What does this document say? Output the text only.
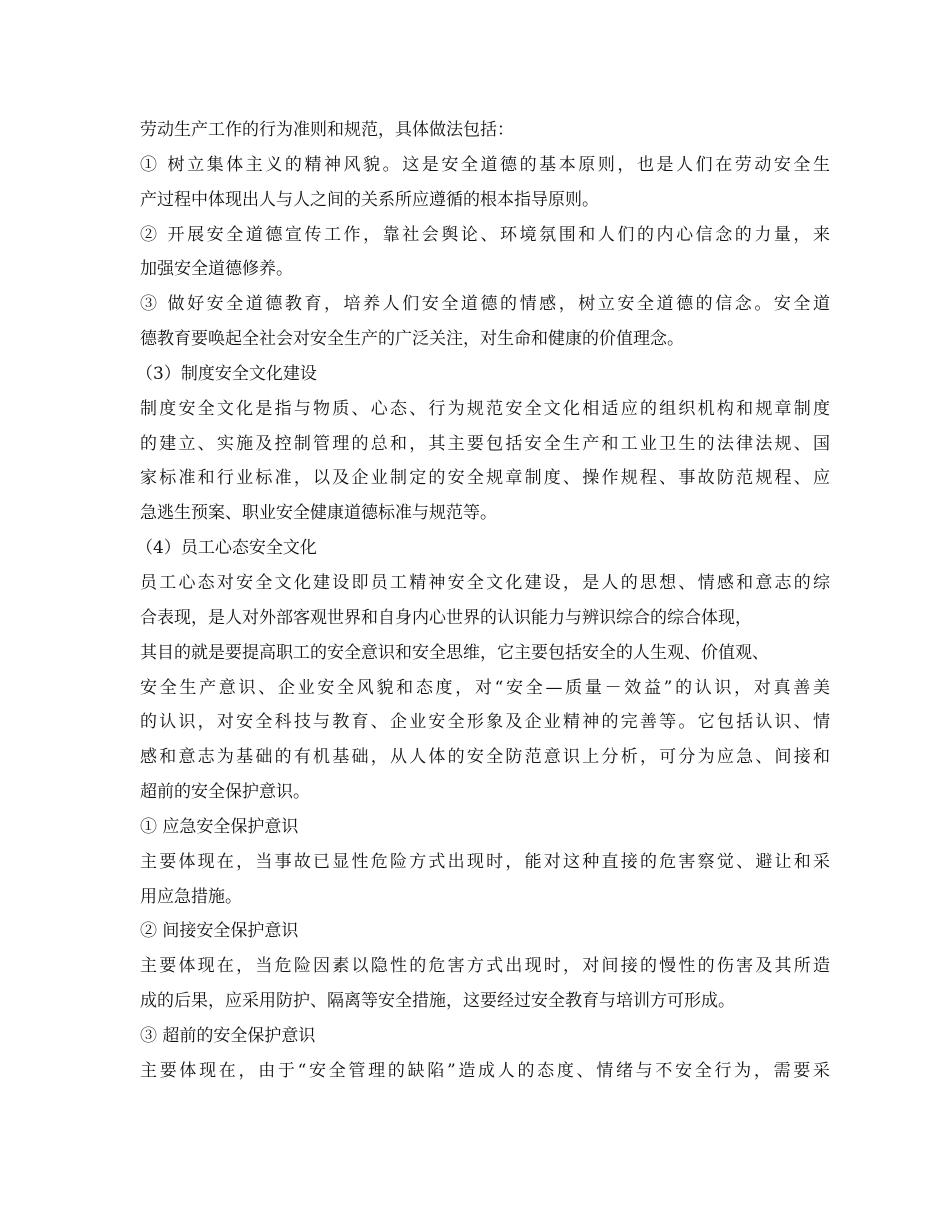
劳动生产工作的行为准则和规范，具体做法包括：
① 树立集体主义的精神风貌。这是安全道德的基本原则，也是人们在劳动安全生
产过程中体现出人与人之间的关系所应遵循的根本指导原则。
② 开展安全道德宣传工作，靠社会舆论、环境氛围和人们的内心信念的力量，来
加强安全道德修养。
③ 做好安全道德教育，培养人们安全道德的情感，树立安全道德的信念。安全道
德教育要唤起全社会对安全生产的广泛关注，对生命和健康的价值理念。
（3）制度安全文化建设
制度安全文化是指与物质、心态、行为规范安全文化相适应的组织机构和规章制度
的建立、实施及控制管理的总和，其主要包括安全生产和工业卫生的法律法规、国
家标准和行业标准，以及企业制定的安全规章制度、操作规程、事故防范规程、应
急逃生预案、职业安全健康道德标准与规范等。
（4）员工心态安全文化
员工心态对安全文化建设即员工精神安全文化建设，是人的思想、情感和意志的综
合表现，是人对外部客观世界和自身内心世界的认识能力与辨识综合的综合体现，
其目的就是要提高职工的安全意识和安全思维，它主要包括安全的人生观、价值观、
安全生产意识、企业安全风貌和态度，对“安全—质量－效益”的认识，对真善美
的认识，对安全科技与教育、企业安全形象及企业精神的完善等。它包括认识、情
感和意志为基础的有机基础，从人体的安全防范意识上分析，可分为应急、间接和
超前的安全保护意识。
① 应急安全保护意识
主要体现在，当事故已显性危险方式出现时，能对这种直接的危害察觉、避让和采
用应急措施。
② 间接安全保护意识
主要体现在，当危险因素以隐性的危害方式出现时，对间接的慢性的伤害及其所造
成的后果，应采用防护、隔离等安全措施，这要经过安全教育与培训方可形成。
③ 超前的安全保护意识
主要体现在，由于“安全管理的缺陷”造成人的态度、情绪与不安全行为，需要采
